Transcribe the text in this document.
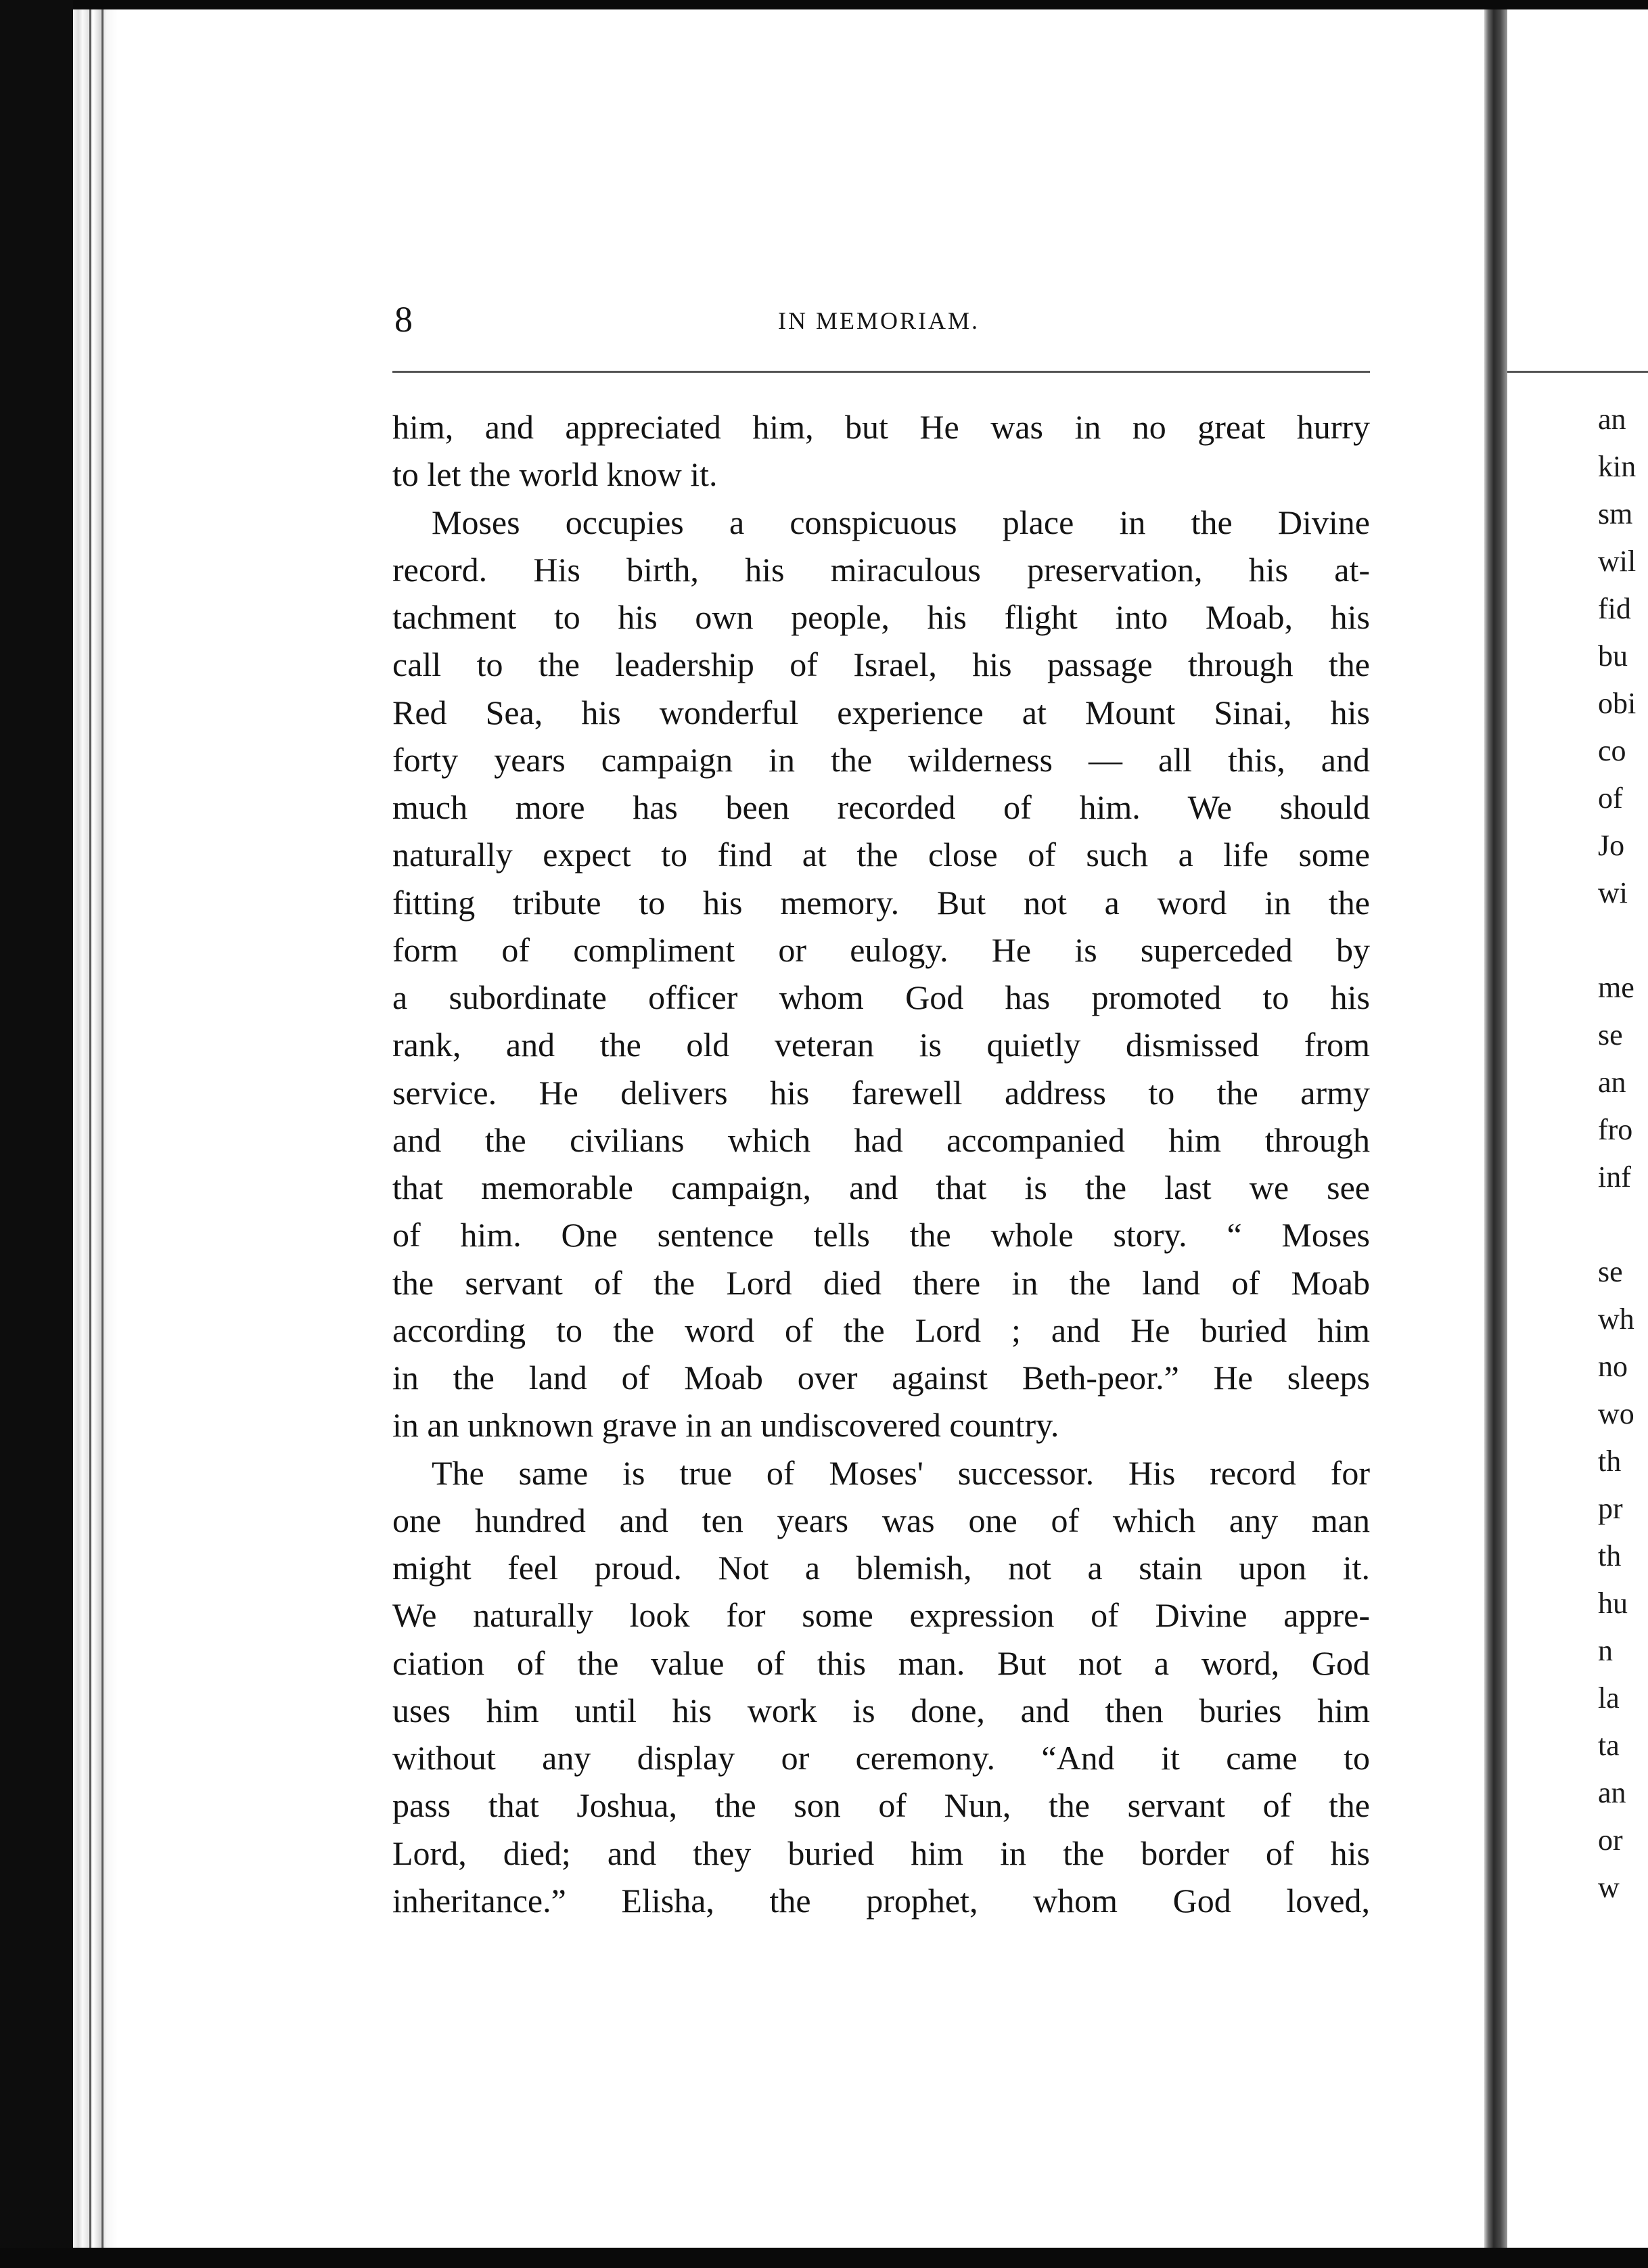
8	IN MEMORIAM.
him, and appreciated him, but He was in no great hurry
to let the world know it.
Moses occupies a conspicuous place in the Divine
record. His birth, his miraculous preservation, his at-
tachment to his own people, his flight into Moab, his
call to the leadership of Israel, his passage through the
Red Sea, his wonderful experience at Mount Sinai, his
forty years campaign in the wilderness — all this, and
much more has been recorded of him. We should
naturally expect to find at the close of such a life some
fitting tribute to his memory. But not a word in the
form of compliment or eulogy. He is superceded by
a subordinate officer whom God has promoted to his
rank, and the old veteran is quietly dismissed from
service. He delivers his farewell address to the army
and the civilians which had accompanied him through
that memorable campaign, and that is the last we see
of him. One sentence tells the whole story. “ Moses
the servant of the Lord died there in the land of Moab
according to the word of the Lord ; and He buried him
in the land of Moab over against Beth-peor.” He sleeps
in an unknown grave in an undiscovered country.
The same is true of Moses' successor. His record for
one hundred and ten years was one of which any man
might feel proud. Not a blemish, not a stain upon it.
We naturally look for some expression of Divine appre-
ciation of the value of this man. But not a word, God
uses him until his work is done, and then buries him
without any display or ceremony. “And it came to
pass that Joshua, the son of Nun, the servant of the
Lord, died; and they buried him in the border of his
inheritance.” Elisha, the prophet, whom God loved,
an
kin
sm
wil
fid
bu
obi
co
of
Jo
wi
me
se
an
fro
inf
se
wh
no
wo
th
pr
th
hu
n
la
ta
an
or
w
